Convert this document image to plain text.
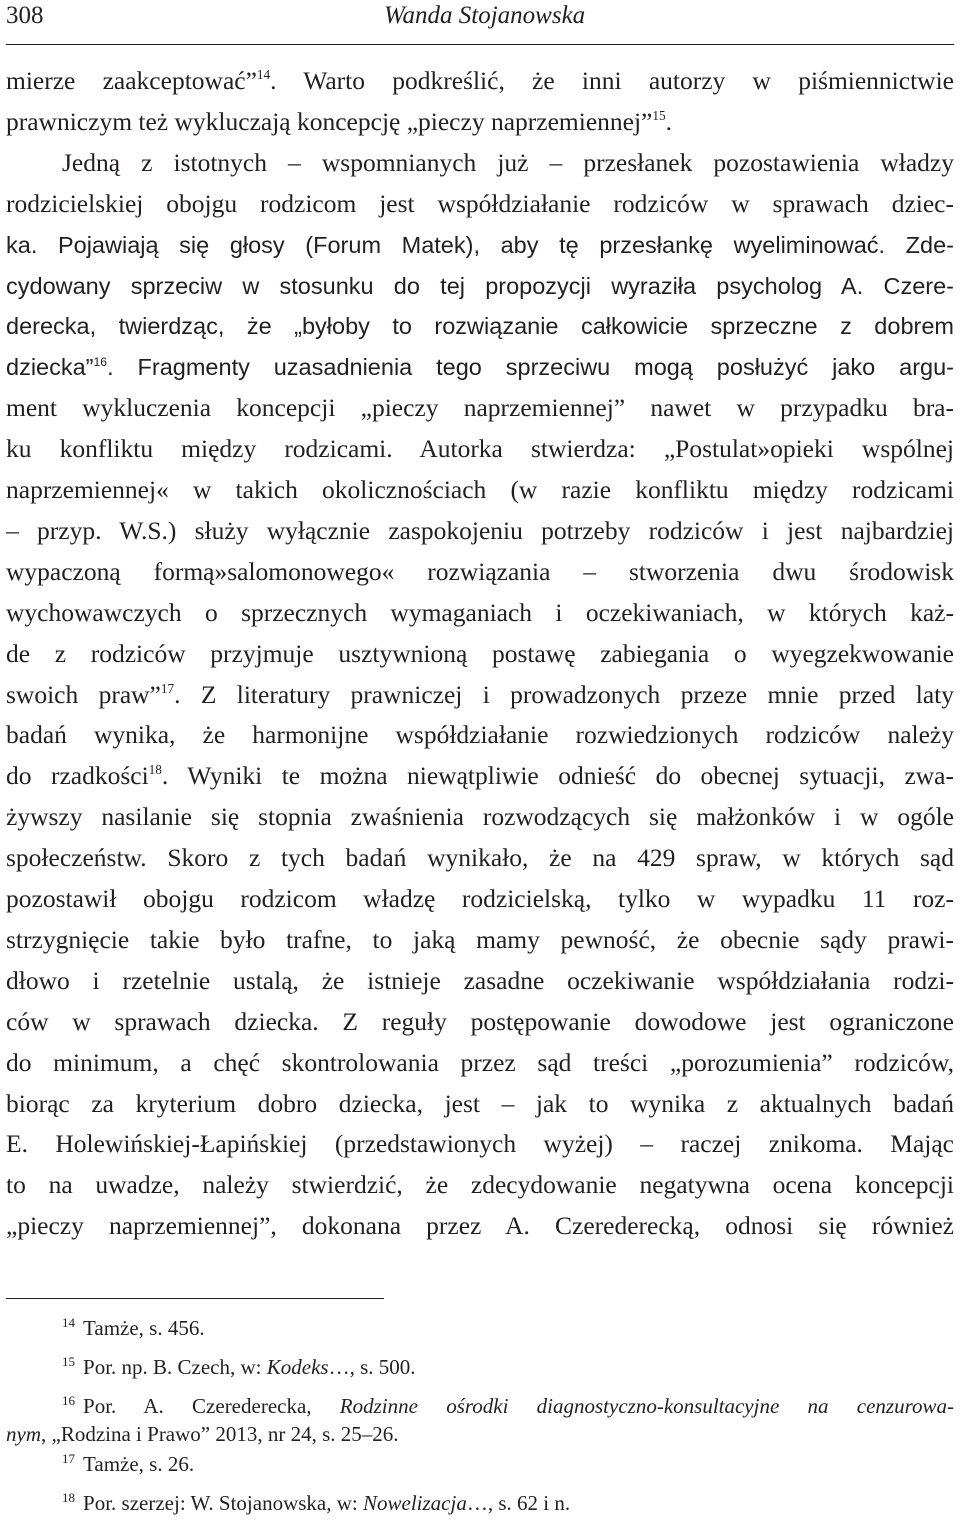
308	Wanda Stojanowska
mierze zaakceptować”$^{14}$. Warto podkreślić, że inni autorzy w piśmiennictwie
prawniczym też wykluczają koncepcję „pieczy naprzemiennej”$^{15}$.
Jedną z istotnych – wspomnianych już – przesłanek pozostawienia władzy
rodzicielskiej obojgu rodzicom jest współdziałanie rodziców w sprawach dziec-
ka. Pojawiają się głosy (Forum Matek), aby tę przesłankę wyeliminować. Zde-
cydowany sprzeciw w stosunku do tej propozycji wyraziła psycholog A. Czere-
derecka, twierdząc, że „byłoby to rozwiązanie całkowicie sprzeczne z dobrem
dziecka”$^{16}$. Fragmenty uzasadnienia tego sprzeciwu mogą posłużyć jako argu-
ment wykluczenia koncepcji „pieczy naprzemiennej” nawet w przypadku bra-
ku konfliktu między rodzicami. Autorka stwierdza: „Postulat»opieki wspólnej
naprzemiennej« w takich okolicznościach (w razie konfliktu między rodzicami
– przyp. W.S.) służy wyłącznie zaspokojeniu potrzeby rodziców i jest najbardziej
wypaczoną formą»salomonowego« rozwiązania – stworzenia dwu środowisk
wychowawczych o sprzecznych wymaganiach i oczekiwaniach, w których każ-
de z rodziców przyjmuje usztywnioną postawę zabiegania o wyegzekwowanie
swoich praw”$^{17}$. Z literatury prawniczej i prowadzonych przeze mnie przed laty
badań wynika, że harmonijne współdziałanie rozwiedzionych rodziców należy
do rzadkości$^{18}$. Wyniki te można niewątpliwie odnieść do obecnej sytuacji, zwa-
żywszy nasilanie się stopnia zwaśnienia rozwodzących się małżonków i w ogóle
społeczeństw. Skoro z tych badań wynikało, że na 429 spraw, w których sąd
pozostawił obojgu rodzicom władzę rodzicielską, tylko w wypadku 11 roz-
strzygnięcie takie było trafne, to jaką mamy pewność, że obecnie sądy prawi-
dłowo i rzetelnie ustalą, że istnieje zasadne oczekiwanie współdziałania rodzi-
ców w sprawach dziecka. Z reguły postępowanie dowodowe jest ograniczone
do minimum, a chęć skontrolowania przez sąd treści „porozumienia” rodziców,
biorąc za kryterium dobro dziecka, jest – jak to wynika z aktualnych badań
E. Holewińskiej-Łapińskiej (przedstawionych wyżej) – raczej znikoma. Mając
to na uwadze, należy stwierdzić, że zdecydowanie negatywna ocena koncepcji
„pieczy naprzemiennej”, dokonana przez A. Czerederecką, odnosi się również
$^{14}$ Tamże, s. 456.
$^{15}$ Por. np. B. Czech, w: Kodeks…, s. 500.
$^{16}$ Por. A. Czerederecka, Rodzinne ośrodki diagnostyczno-konsultacyjne na cenzurowa-
nym, „Rodzina i Prawo” 2013, nr 24, s. 25–26.
$^{17}$ Tamże, s. 26.
$^{18}$ Por. szerzej: W. Stojanowska, w: Nowelizacja…, s. 62 i n.
